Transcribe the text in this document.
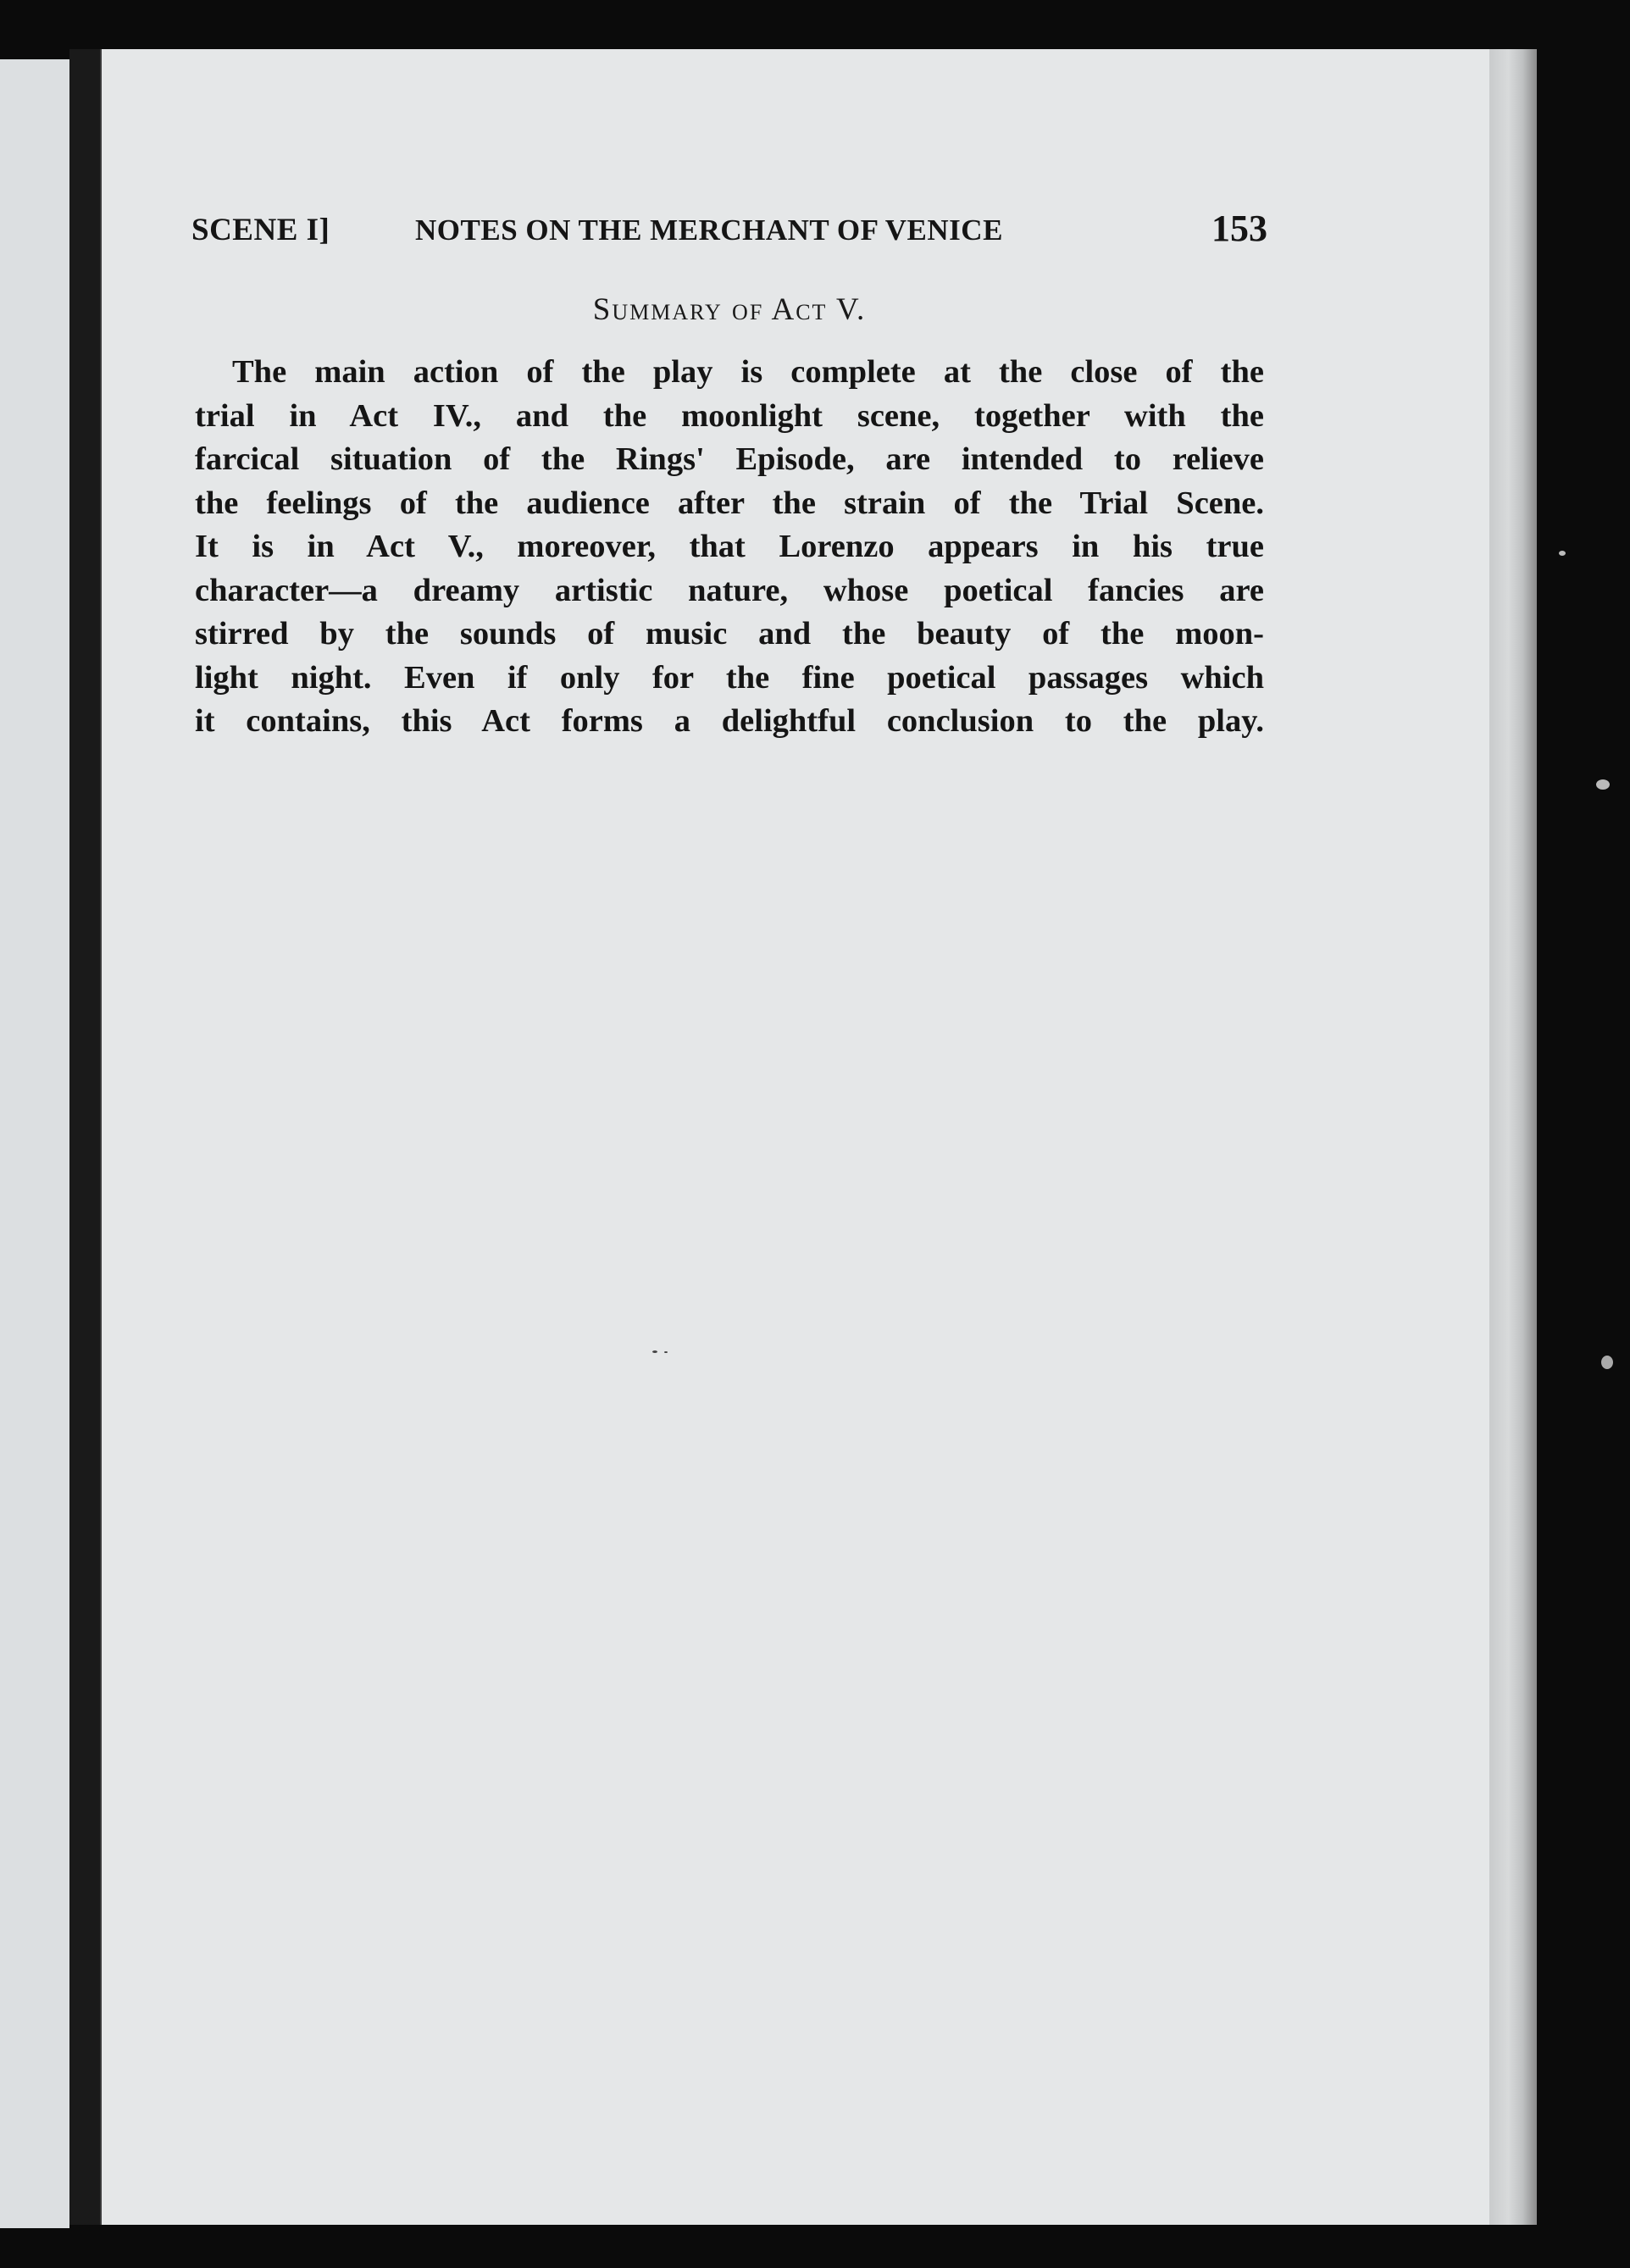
SCENE I]	NOTES ON THE MERCHANT OF VENICE	153
Summary of Act V.
The main action of the play is complete at the close of the
trial in Act IV., and the moonlight scene, together with the
farcical situation of the Rings' Episode, are intended to relieve
the feelings of the audience after the strain of the Trial Scene.
It is in Act V., moreover, that Lorenzo appears in his true
character—a dreamy artistic nature, whose poetical fancies are
stirred by the sounds of music and the beauty of the moon-
light night. Even if only for the fine poetical passages which
it contains, this Act forms a delightful conclusion to the play.
